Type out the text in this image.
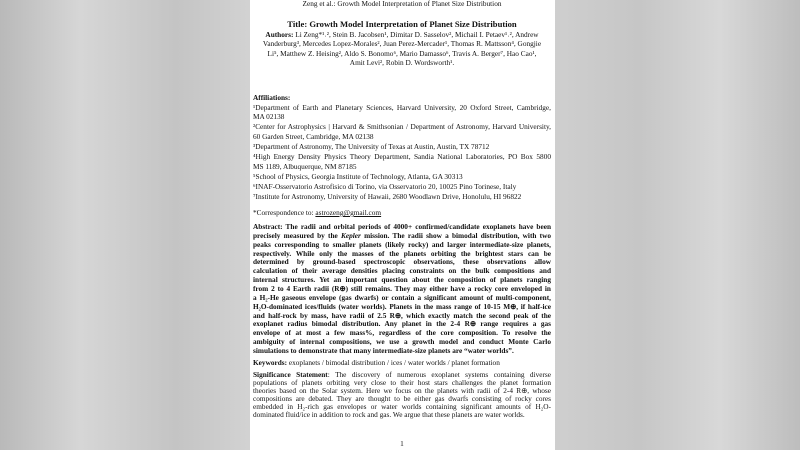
Zeng et al.: Growth Model Interpretation of Planet Size Distribution
Title: Growth Model Interpretation of Planet Size Distribution
Authors: Li Zeng*¹˒², Stein B. Jacobsen¹, Dimitar D. Sasselov², Michail I. Petaev¹˒², Andrew
Vanderburg³, Mercedes Lopez-Morales², Juan Perez-Mercader¹, Thomas R. Mattsson⁴, Gongjie
Li⁵, Matthew Z. Heising², Aldo S. Bonomo⁶, Mario Damasso⁶, Travis A. Berger⁷, Hao Cao¹,
Amit Levi², Robin D. Wordsworth¹.
Affiliations:
¹Department of Earth and Planetary Sciences, Harvard University, 20 Oxford Street, Cambridge,
MA 02138
²Center for Astrophysics | Harvard & Smithsonian / Department of Astronomy, Harvard University,
60 Garden Street, Cambridge, MA 02138
³Department of Astronomy, The University of Texas at Austin, Austin, TX 78712
⁴High Energy Density Physics Theory Department, Sandia National Laboratories, PO Box 5800
MS 1189, Albuquerque, NM 87185
⁵School of Physics, Georgia Institute of Technology, Atlanta, GA 30313
⁶INAF-Osservatorio Astrofisico di Torino, via Osservatorio 20, 10025 Pino Torinese, Italy
⁷Institute for Astronomy, University of Hawaii, 2680 Woodlawn Drive, Honolulu, HI 96822
*Correspondence to: astrozeng@gmail.com
Abstract: The radii and orbital periods of 4000+ confirmed/candidate exoplanets have been
precisely measured by the Kepler mission. The radii show a bimodal distribution, with two
peaks corresponding to smaller planets (likely rocky) and larger intermediate-size planets,
respectively. While only the masses of the planets orbiting the brightest stars can be
determined by ground-based spectroscopic observations, these observations allow
calculation of their average densities placing constraints on the bulk compositions and
internal structures. Yet an important question about the composition of planets ranging
from 2 to 4 Earth radii (R⊕) still remains. They may either have a rocky core enveloped in
a H₂-He gaseous envelope (gas dwarfs) or contain a significant amount of multi-component,
H₂O-dominated ices/fluids (water worlds). Planets in the mass range of 10-15 M⊕, if half-ice
and half-rock by mass, have radii of 2.5 R⊕, which exactly match the second peak of the
exoplanet radius bimodal distribution. Any planet in the 2-4 R⊕ range requires a gas
envelope of at most a few mass%, regardless of the core composition. To resolve the
ambiguity of internal compositions, we use a growth model and conduct Monte Carlo
simulations to demonstrate that many intermediate-size planets are “water worlds”.
Keywords: exoplanets / bimodal distribution / ices / water worlds / planet formation
Significance Statement: The discovery of numerous exoplanet systems containing diverse
populations of planets orbiting very close to their host stars challenges the planet formation
theories based on the Solar system. Here we focus on the planets with radii of 2-4 R⊕, whose
compositions are debated. They are thought to be either gas dwarfs consisting of rocky cores
embedded in H₂-rich gas envelopes or water worlds containing significant amounts of H₂O-
dominated fluid/ice in addition to rock and gas. We argue that these planets are water worlds.
1
